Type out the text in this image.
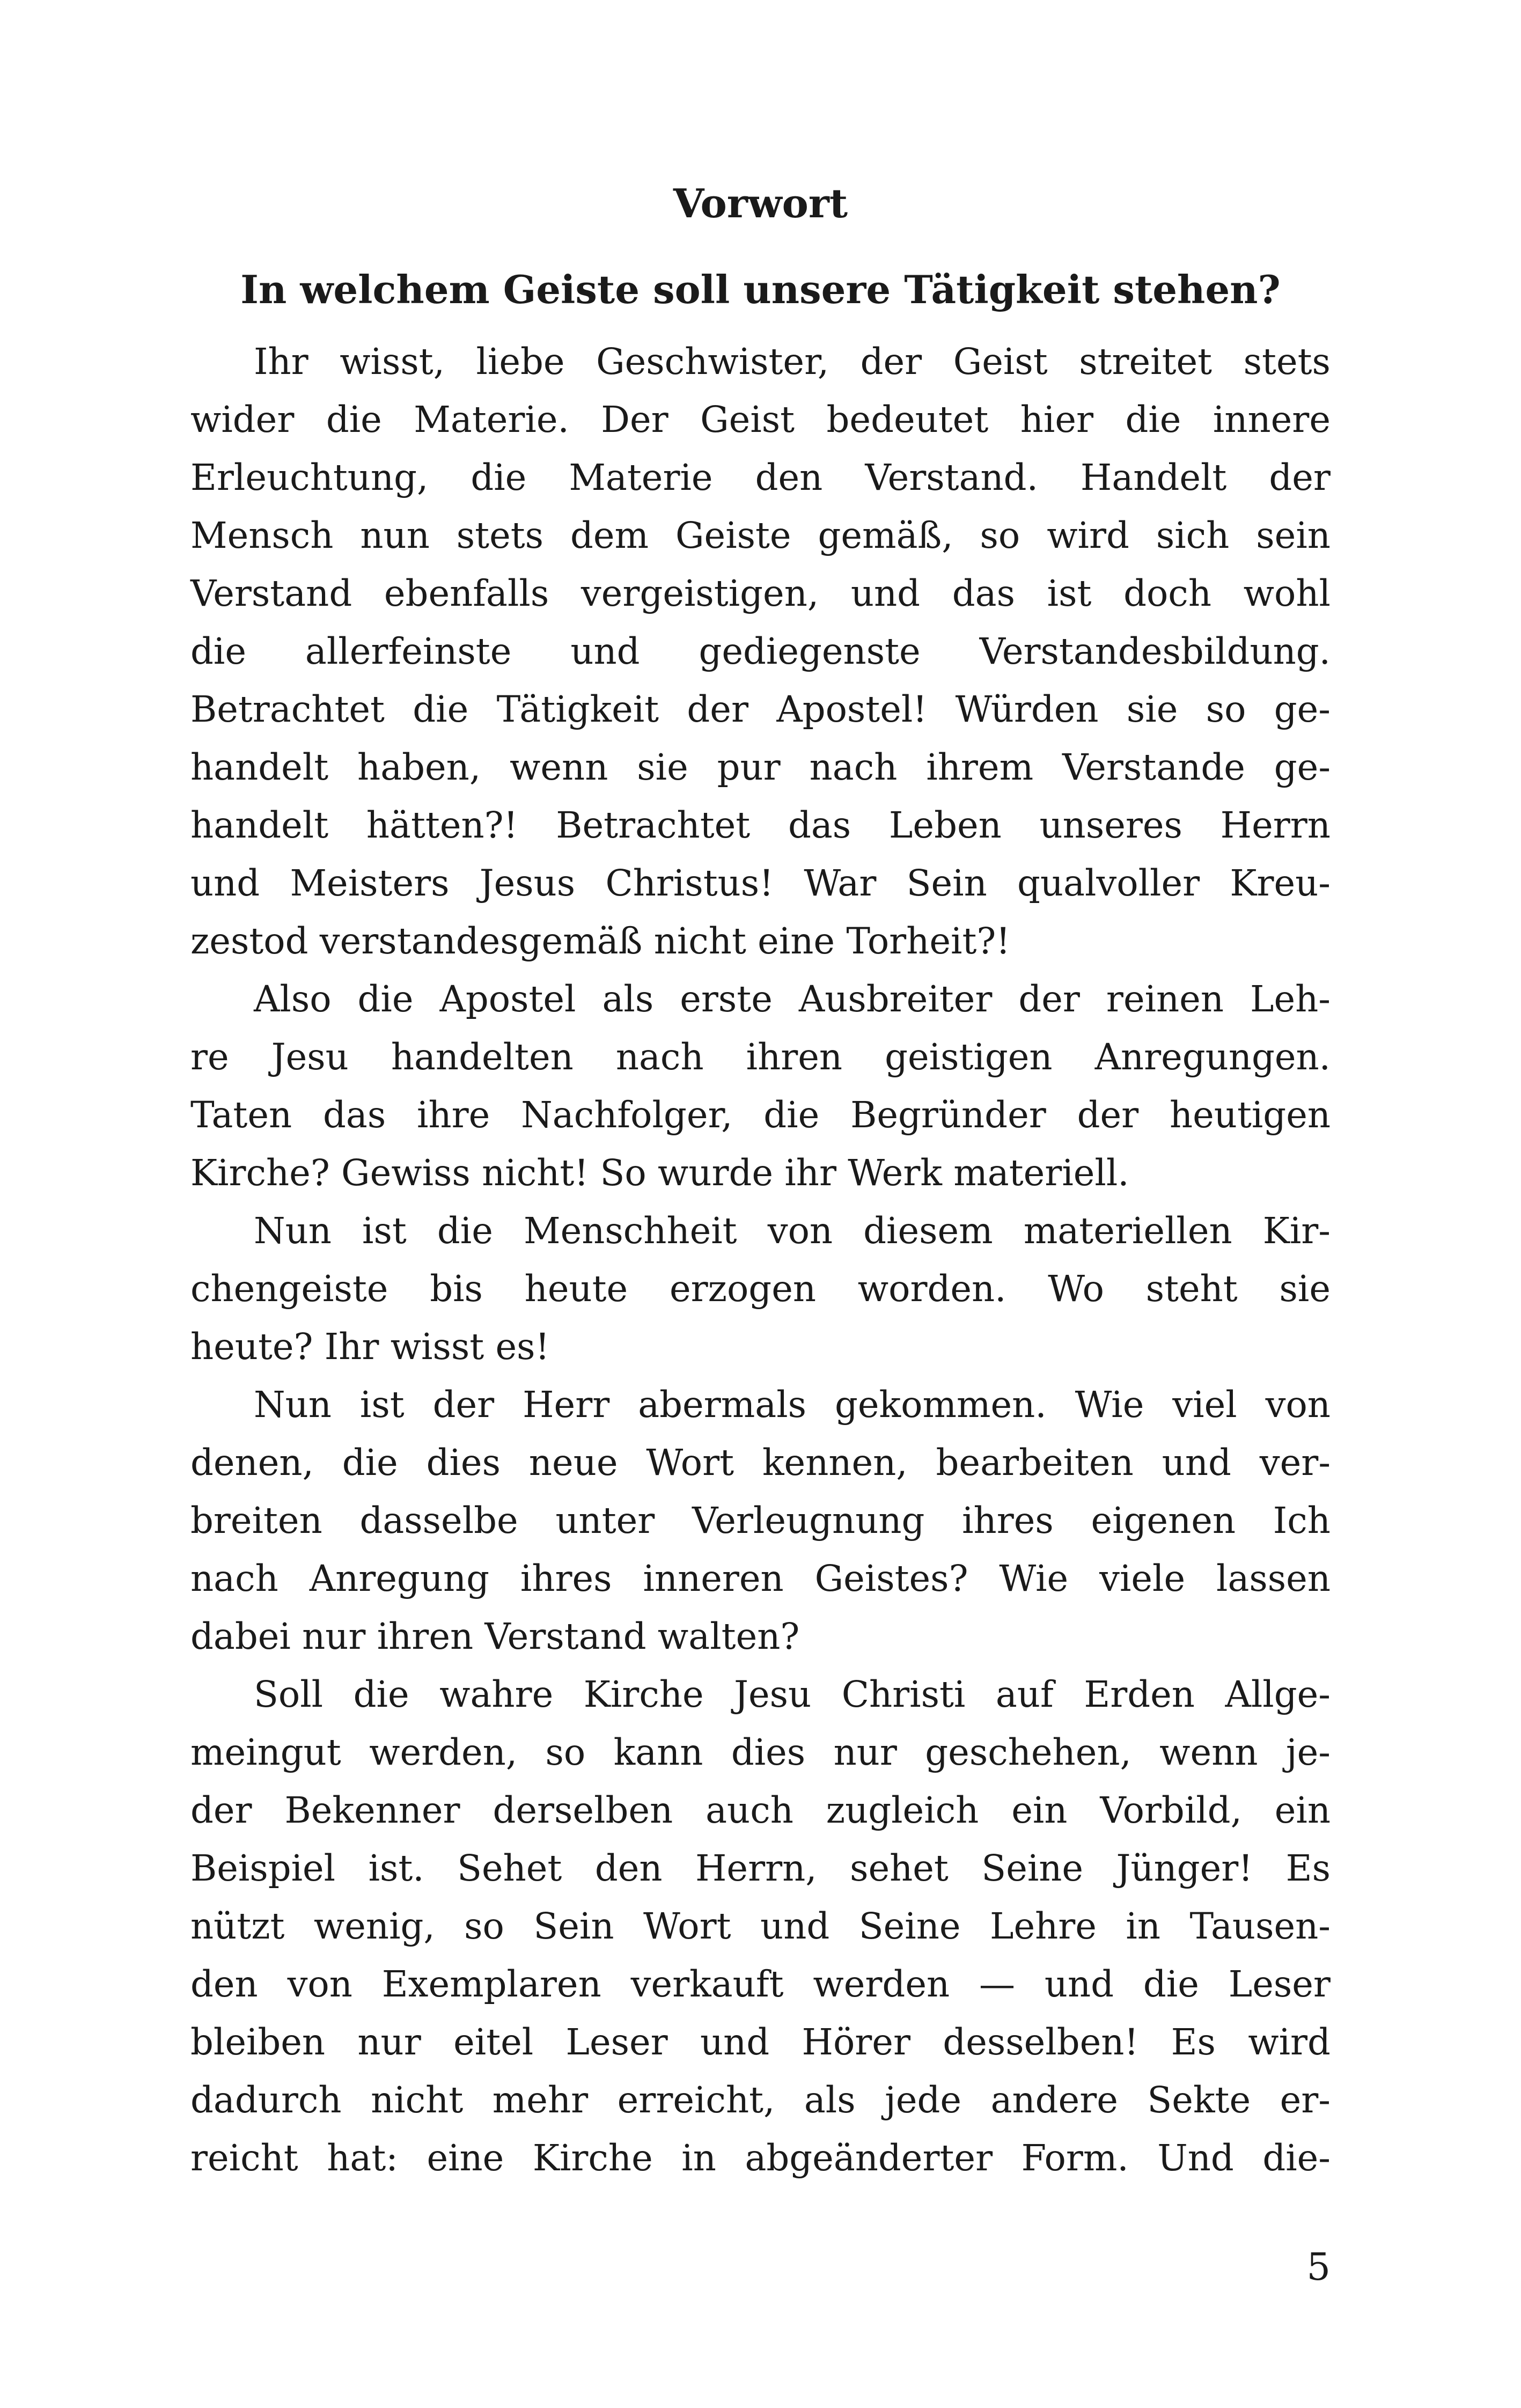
Vorwort
In welchem Geiste soll unsere Tätigkeit stehen?
Ihr wisst, liebe Geschwister, der Geist streitet stets
wider die Materie. Der Geist bedeutet hier die innere
Erleuchtung, die Materie den Verstand. Handelt der
Mensch nun stets dem Geiste gemäß, so wird sich sein
Verstand ebenfalls vergeistigen, und das ist doch wohl
die allerfeinste und gediegenste Verstandesbildung.
Betrachtet die Tätigkeit der Apostel! Würden sie so ge-
handelt haben, wenn sie pur nach ihrem Verstande ge-
handelt hätten?! Betrachtet das Leben unseres Herrn
und Meisters Jesus Christus! War Sein qualvoller Kreu-
zestod verstandesgemäß nicht eine Torheit?!
Also die Apostel als erste Ausbreiter der reinen Leh-
re Jesu handelten nach ihren geistigen Anregungen.
Taten das ihre Nachfolger, die Begründer der heutigen
Kirche? Gewiss nicht! So wurde ihr Werk materiell.
Nun ist die Menschheit von diesem materiellen Kir-
chengeiste bis heute erzogen worden. Wo steht sie
heute? Ihr wisst es!
Nun ist der Herr abermals gekommen. Wie viel von
denen, die dies neue Wort kennen, bearbeiten und ver-
breiten dasselbe unter Verleugnung ihres eigenen Ich
nach Anregung ihres inneren Geistes? Wie viele lassen
dabei nur ihren Verstand walten?
Soll die wahre Kirche Jesu Christi auf Erden Allge-
meingut werden, so kann dies nur geschehen, wenn je-
der Bekenner derselben auch zugleich ein Vorbild, ein
Beispiel ist. Sehet den Herrn, sehet Seine Jünger! Es
nützt wenig, so Sein Wort und Seine Lehre in Tausen-
den von Exemplaren verkauft werden — und die Leser
bleiben nur eitel Leser und Hörer desselben! Es wird
dadurch nicht mehr erreicht, als jede andere Sekte er-
reicht hat: eine Kirche in abgeänderter Form. Und die-
5
